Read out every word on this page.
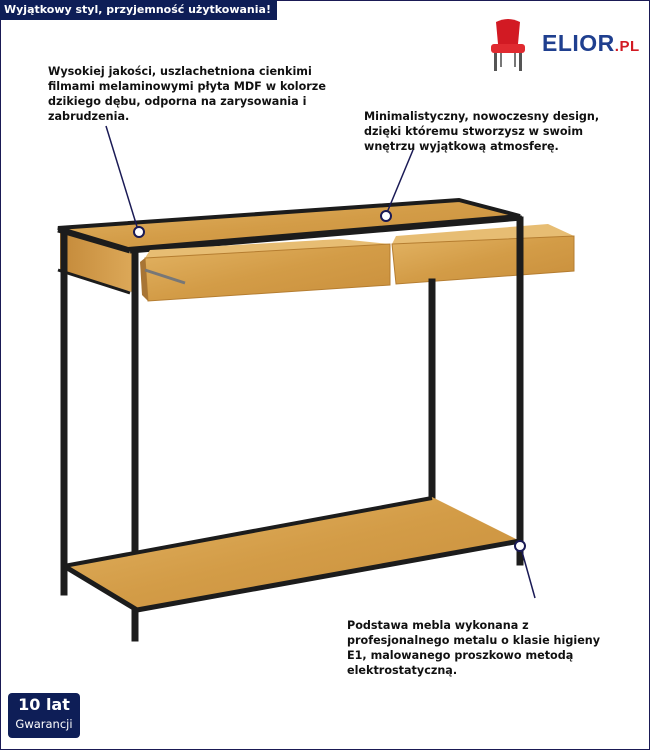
Wyjątkowy styl, przyjemność użytkowania!
ELIOR.PL
Wysokiej jakości, uszlachetniona cienkimi filmami melaminowymi płyta MDF w kolorze dzikiego dębu, odporna na zarysowania i zabrudzenia.	Minimalistyczny, nowoczesny design, dzięki któremu stworzysz w swoim wnętrzu wyjątkową atmosferę.
Podstawa mebla wykonana z profesjonalnego metalu o klasie higieny E1, malowanego proszkowo metodą elektrostatyczną.
10 lat
Gwarancji
